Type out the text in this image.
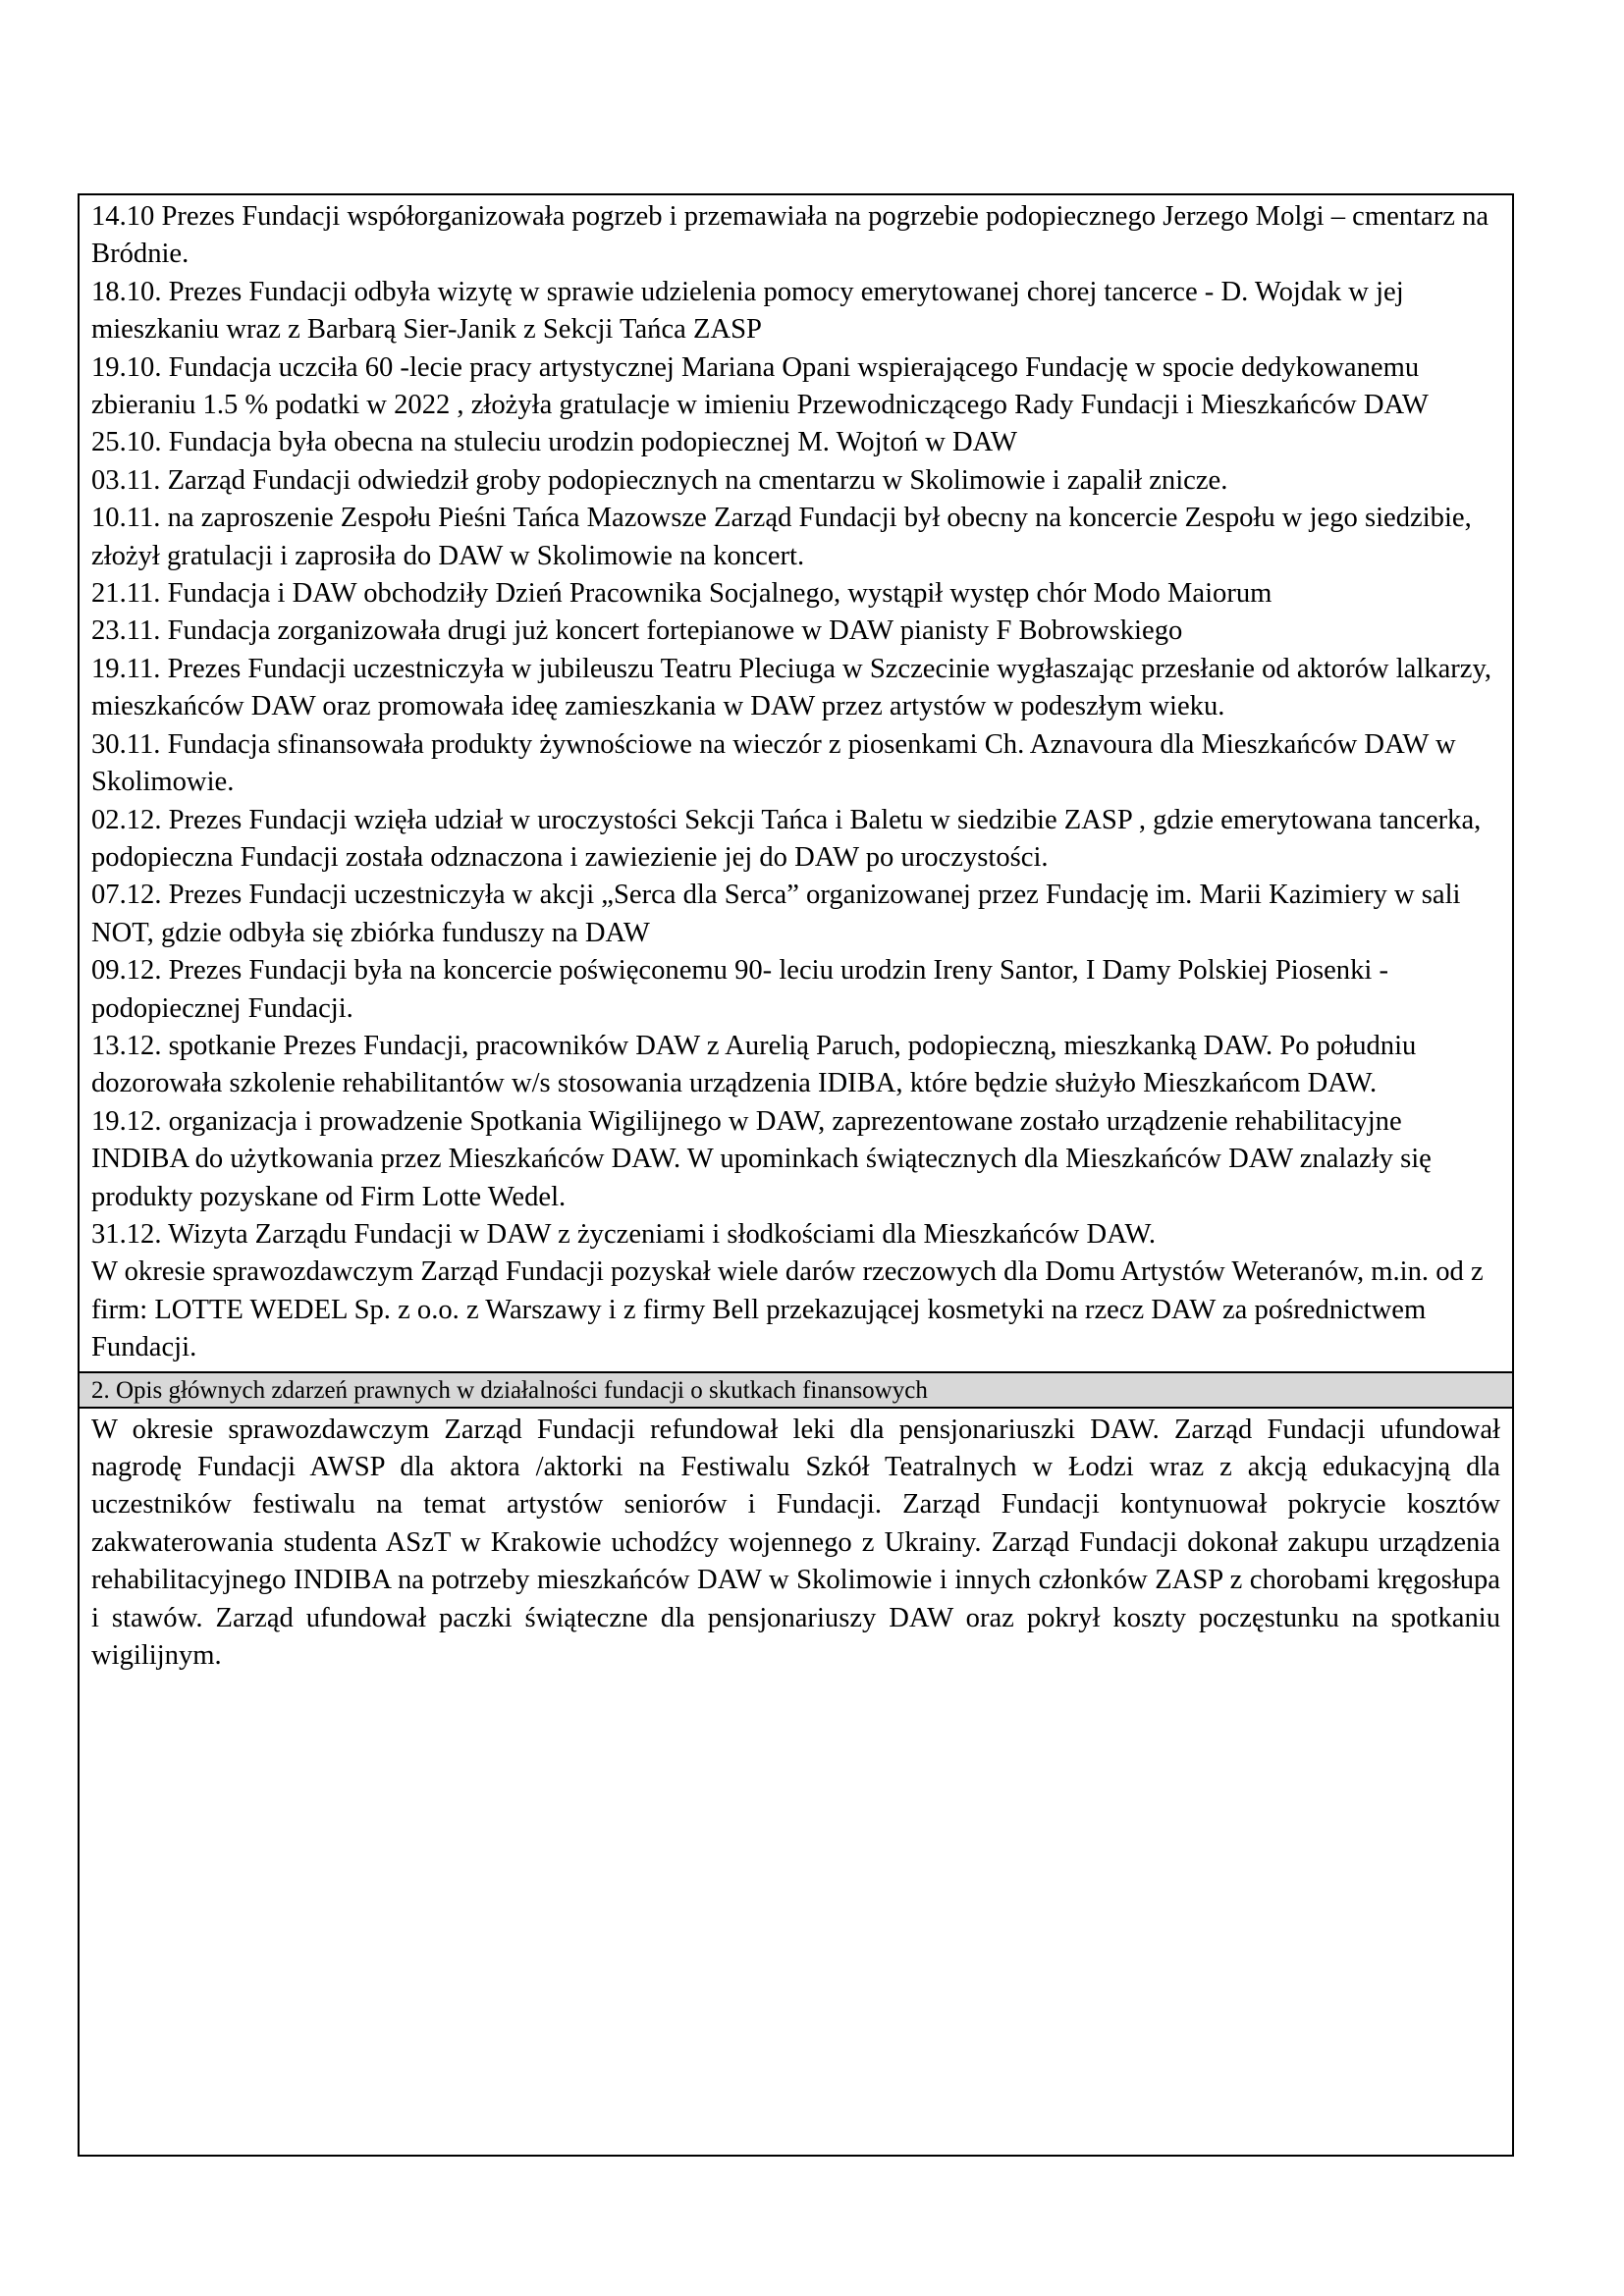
14.10 Prezes Fundacji współorganizowała pogrzeb i przemawiała na pogrzebie podopiecznego Jerzego Molgi – cmentarz na Bródnie.

18.10. Prezes Fundacji odbyła wizytę w sprawie udzielenia pomocy emerytowanej chorej tancerce - D. Wojdak w jej mieszkaniu wraz z Barbarą Sier-Janik z Sekcji Tańca ZASP

19.10. Fundacja uczciła 60 -lecie pracy artystycznej Mariana Opani wspierającego Fundację w spocie dedykowanemu zbieraniu 1.5 % podatki w 2022 , złożyła gratulacje w imieniu Przewodniczącego Rady Fundacji i Mieszkańców DAW

25.10. Fundacja była obecna na stuleciu urodzin podopiecznej M. Wojtoń w DAW

03.11. Zarząd Fundacji odwiedził groby podopiecznych na cmentarzu w Skolimowie i zapalił znicze.

10.11. na zaproszenie Zespołu Pieśni Tańca Mazowsze Zarząd Fundacji był obecny na koncercie Zespołu w jego siedzibie, złożył gratulacji i zaprosiła do DAW w Skolimowie na koncert.

21.11. Fundacja i DAW obchodziły Dzień Pracownika Socjalnego, wystąpił występ chór Modo Maiorum

23.11. Fundacja zorganizowała drugi już koncert fortepianowe w DAW pianisty F Bobrowskiego

19.11. Prezes Fundacji uczestniczyła w jubileuszu Teatru Pleciuga w Szczecinie wygłaszając przesłanie od aktorów lalkarzy, mieszkańców DAW oraz promowała ideę zamieszkania w DAW przez artystów w podeszłym wieku.

30.11. Fundacja sfinansowała produkty żywnościowe na wieczór z piosenkami Ch. Aznavoura dla Mieszkańców DAW w Skolimowie.

02.12. Prezes Fundacji wzięła udział w uroczystości Sekcji Tańca i Baletu w siedzibie ZASP , gdzie emerytowana tancerka, podopieczna Fundacji została odznaczona i zawiezienie jej do DAW po uroczystości.

07.12. Prezes Fundacji uczestniczyła w akcji „Serca dla Serca” organizowanej przez Fundację im. Marii Kazimiery w sali NOT, gdzie odbyła się zbiórka funduszy na DAW

09.12. Prezes Fundacji była na koncercie poświęconemu 90- leciu urodzin Ireny Santor, I Damy Polskiej Piosenki - podopiecznej Fundacji.

13.12. spotkanie Prezes Fundacji, pracowników DAW z Aurelią Paruch, podopieczną, mieszkanką DAW. Po południu dozorowała szkolenie rehabilitantów w/s stosowania urządzenia IDIBA, które będzie służyło Mieszkańcom DAW.

19.12. organizacja i prowadzenie Spotkania Wigilijnego w DAW, zaprezentowane zostało urządzenie rehabilitacyjne INDIBA do użytkowania przez Mieszkańców DAW. W upominkach świątecznych dla Mieszkańców DAW znalazły się produkty pozyskane od Firm Lotte Wedel.

31.12. Wizyta Zarządu Fundacji w DAW z życzeniami i słodkościami dla Mieszkańców DAW.

W okresie sprawozdawczym Zarząd Fundacji pozyskał wiele darów rzeczowych dla Domu Artystów Weteranów, m.in. od z firm: LOTTE WEDEL Sp. z o.o. z Warszawy i z firmy Bell przekazującej kosmetyki na rzecz DAW za pośrednictwem Fundacji.

2. Opis głównych zdarzeń prawnych w działalności fundacji o skutkach finansowych

W okresie sprawozdawczym Zarząd Fundacji refundował leki dla pensjonariuszki DAW. Zarząd Fundacji ufundował nagrodę Fundacji AWSP dla aktora /aktorki na Festiwalu Szkół Teatralnych w Łodzi wraz z akcją edukacyjną dla uczestników festiwalu na temat artystów seniorów i Fundacji. Zarząd Fundacji kontynuował pokrycie kosztów zakwaterowania studenta ASzT w Krakowie uchodźcy wojennego z Ukrainy. Zarząd Fundacji dokonał zakupu urządzenia rehabilitacyjnego INDIBA na potrzeby mieszkańców DAW w Skolimowie i innych członków ZASP z chorobami kręgosłupa i stawów. Zarząd ufundował paczki świąteczne dla pensjonariuszy DAW oraz pokrył koszty poczęstunku na spotkaniu wigilijnym.
